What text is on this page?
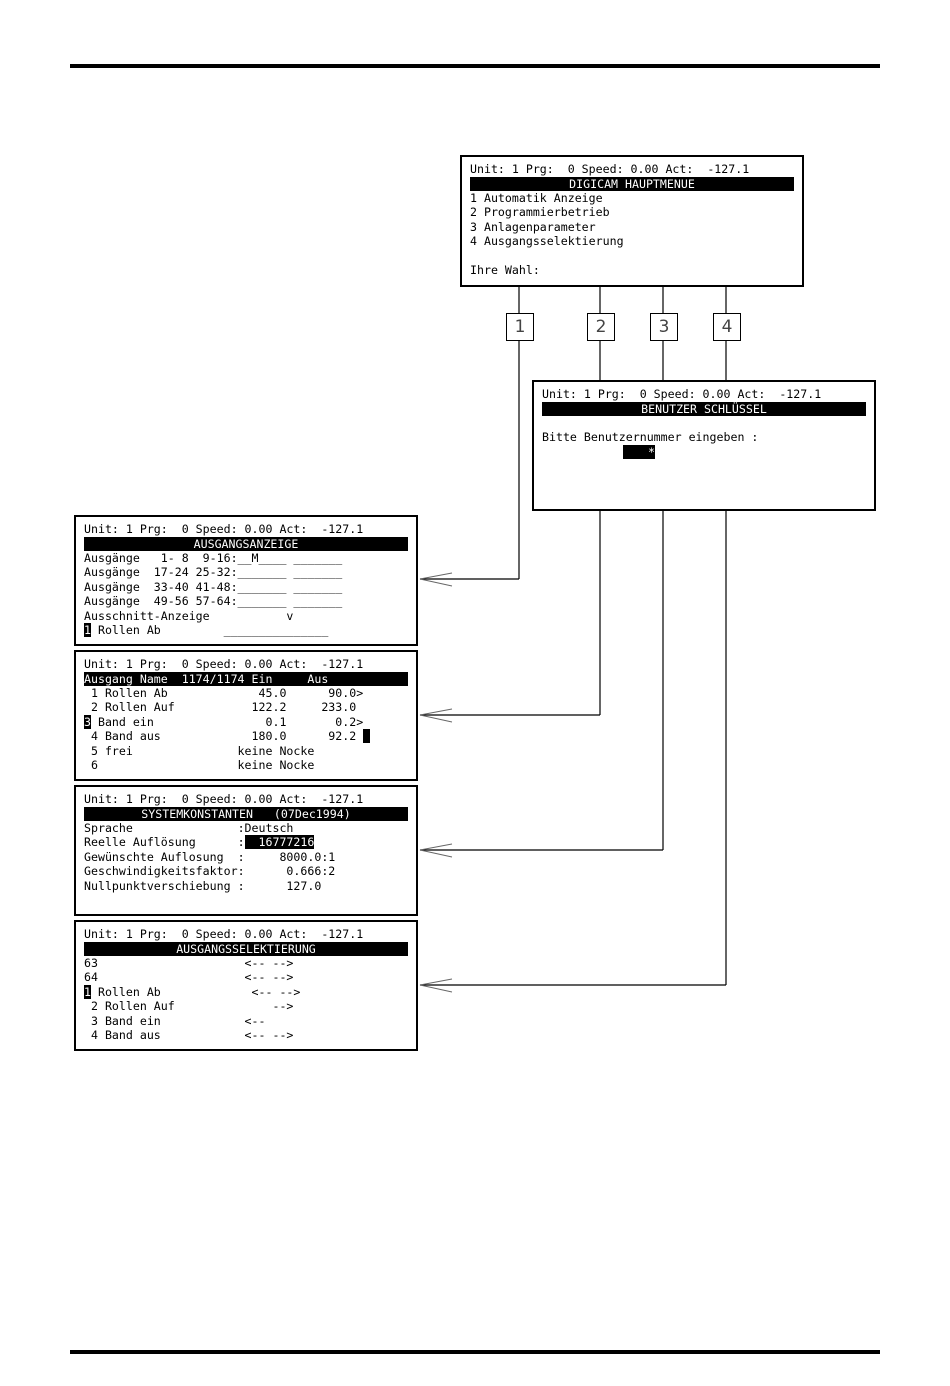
1	2	3	4
Unit: 1 Prg:  0 Speed: 0.00 Act:  -127.1
DIGICAM HAUPTMENUE
1 Automatik Anzeige
2 Programmierbetrieb
3 Anlagenparameter
4 Ausgangsselektierung
Ihre Wahl:
Unit: 1 Prg:  0 Speed: 0.00 Act:  -127.1
BENUTZER SCHLÜSSEL
Bitte Benutzernummer eingeben :
*
Unit: 1 Prg:  0 Speed: 0.00 Act:  -127.1
AUSGANGSANZEIGE
Ausgänge   1- 8  9-16:__M____ _______
Ausgänge  17-24 25-32:_______ _______
Ausgänge  33-40 41-48:_______ _______
Ausgänge  49-56 57-64:_______ _______
Ausschnitt-Anzeige           v
1 Rollen Ab         _______________
Unit: 1 Prg:  0 Speed: 0.00 Act:  -127.1
Ausgang Name  1174/1174 Ein     Aus
1 Rollen Ab             45.0      90.0>
2 Rollen Auf           122.2     233.0
3 Band ein                0.1       0.2>
4 Band aus             180.0      92.2
5 frei               keine Nocke
6                    keine Nocke
Unit: 1 Prg:  0 Speed: 0.00 Act:  -127.1
SYSTEMKONSTANTEN   (07Dec1994)
Sprache               :Deutsch
Reelle Auflösung      :  16777216
Gewünschte Auflosung  :     8000.0:1
Geschwindigkeitsfaktor:      0.666:2
Nullpunktverschiebung :      127.0
Unit: 1 Prg:  0 Speed: 0.00 Act:  -127.1
AUSGANGSSELEKTIERUNG
63                     <-- -->
64                     <-- -->
1 Rollen Ab             <-- -->
2 Rollen Auf              -->
3 Band ein            <--
4 Band aus            <-- -->
